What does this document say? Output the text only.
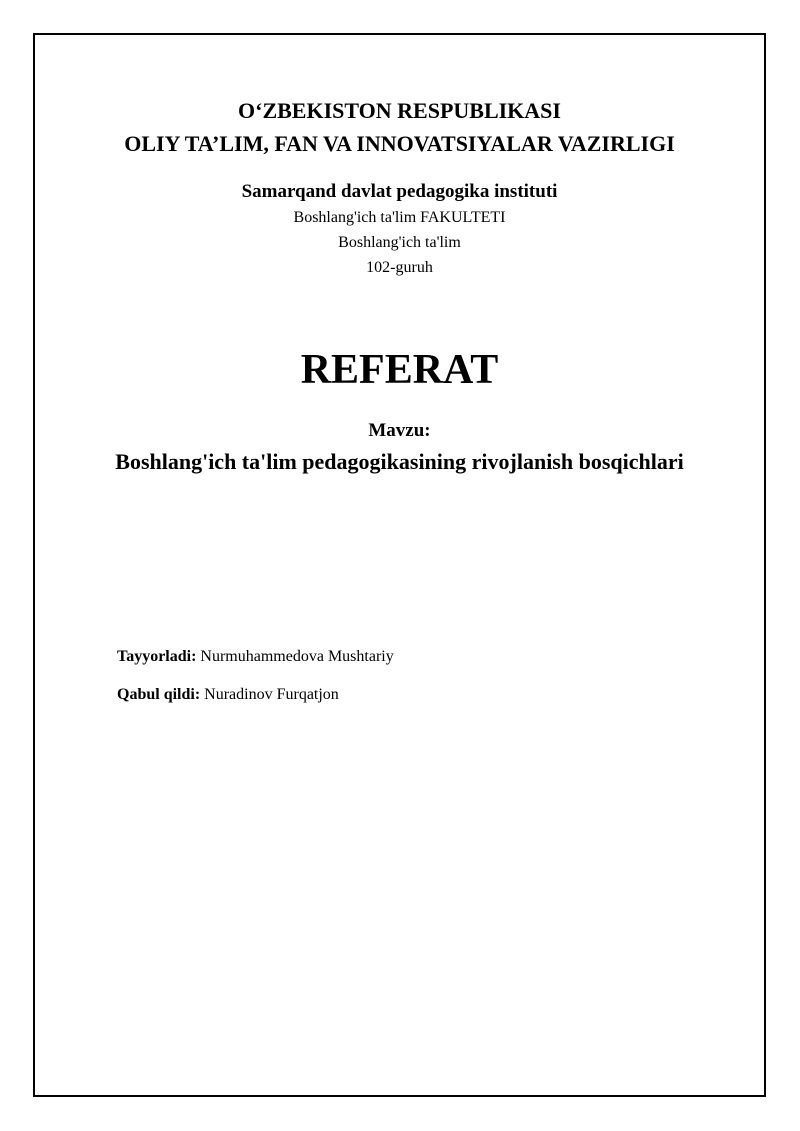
O‘ZBEKISTON RESPUBLIKASI
OLIY TA’LIM, FAN VA INNOVATSIYALAR VAZIRLIGI
Samarqand davlat pedagogika instituti
Boshlang'ich ta'lim FAKULTETI
Boshlang'ich ta'lim
102-guruh
REFERAT
Mavzu:
Boshlang'ich ta'lim pedagogikasining rivojlanish bosqichlari
Tayyorladi: Nurmuhammedova Mushtariy
Qabul qildi: Nuradinov Furqatjon
